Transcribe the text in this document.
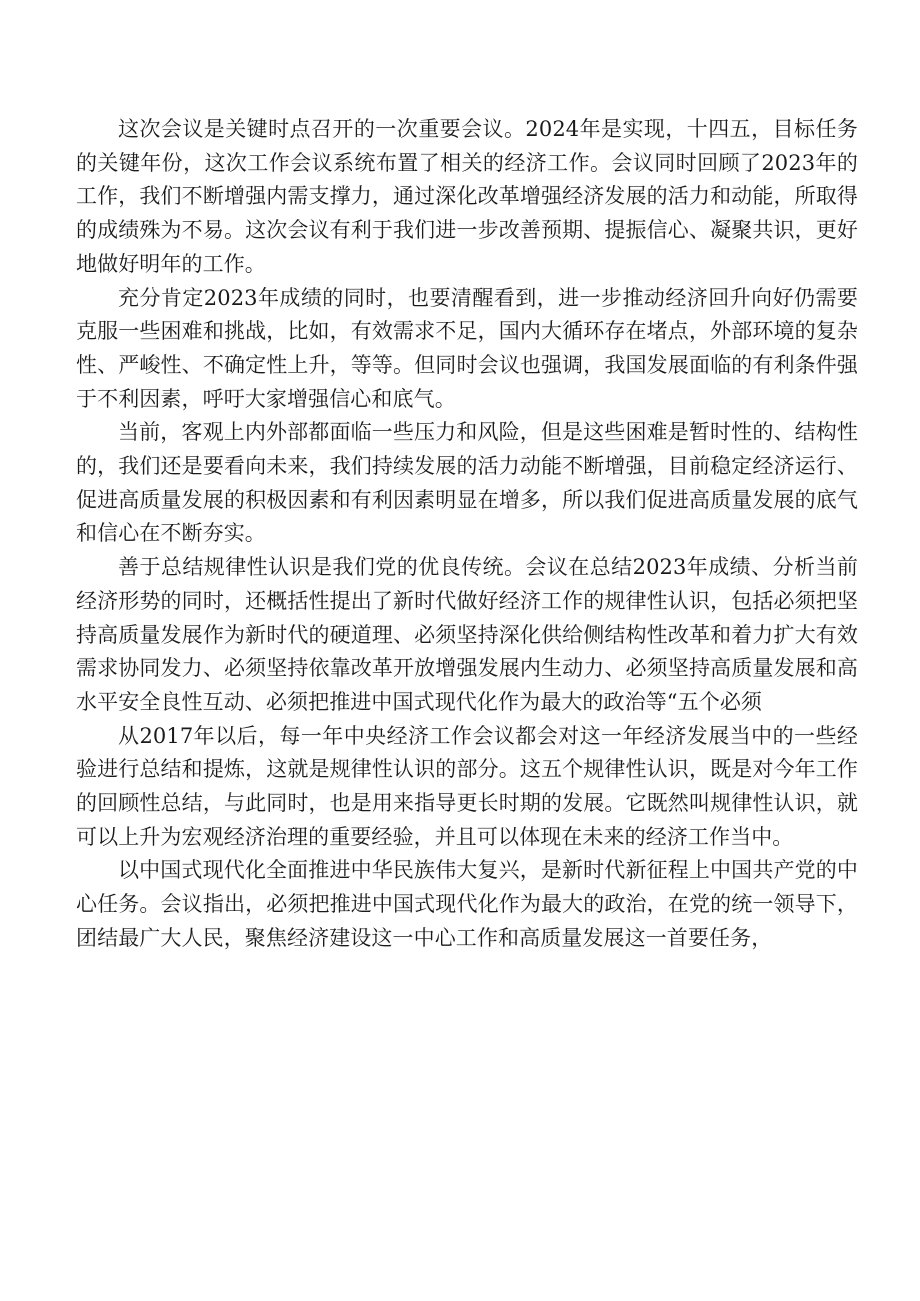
这次会议是关键时点召开的一次重要会议。2024年是实现，十四五，目标任务的关键年份，这次工作会议系统布置了相关的经济工作。会议同时回顾了2023年的工作，我们不断增强内需支撑力，通过深化改革增强经济发展的活力和动能，所取得的成绩殊为不易。这次会议有利于我们进一步改善预期、提振信心、凝聚共识，更好地做好明年的工作。

充分肯定2023年成绩的同时，也要清醒看到，进一步推动经济回升向好仍需要克服一些困难和挑战，比如，有效需求不足，国内大循环存在堵点，外部环境的复杂性、严峻性、不确定性上升，等等。但同时会议也强调，我国发展面临的有利条件强于不利因素，呼吁大家增强信心和底气。

当前，客观上内外部都面临一些压力和风险，但是这些困难是暂时性的、结构性的，我们还是要看向未来，我们持续发展的活力动能不断增强，目前稳定经济运行、促进高质量发展的积极因素和有利因素明显在增多，所以我们促进高质量发展的底气和信心在不断夯实。

善于总结规律性认识是我们党的优良传统。会议在总结2023年成绩、分析当前经济形势的同时，还概括性提出了新时代做好经济工作的规律性认识，包括必须把坚持高质量发展作为新时代的硬道理、必须坚持深化供给侧结构性改革和着力扩大有效需求协同发力、必须坚持依靠改革开放增强发展内生动力、必须坚持高质量发展和高水平安全良性互动、必须把推进中国式现代化作为最大的政治等“五个必须

从2017年以后，每一年中央经济工作会议都会对这一年经济发展当中的一些经验进行总结和提炼，这就是规律性认识的部分。这五个规律性认识，既是对今年工作的回顾性总结，与此同时，也是用来指导更长时期的发展。它既然叫规律性认识，就可以上升为宏观经济治理的重要经验，并且可以体现在未来的经济工作当中。

以中国式现代化全面推进中华民族伟大复兴，是新时代新征程上中国共产党的中心任务。会议指出，必须把推进中国式现代化作为最大的政治，在党的统一领导下，团结最广大人民，聚焦经济建设这一中心工作和高质量发展这一首要任务，
